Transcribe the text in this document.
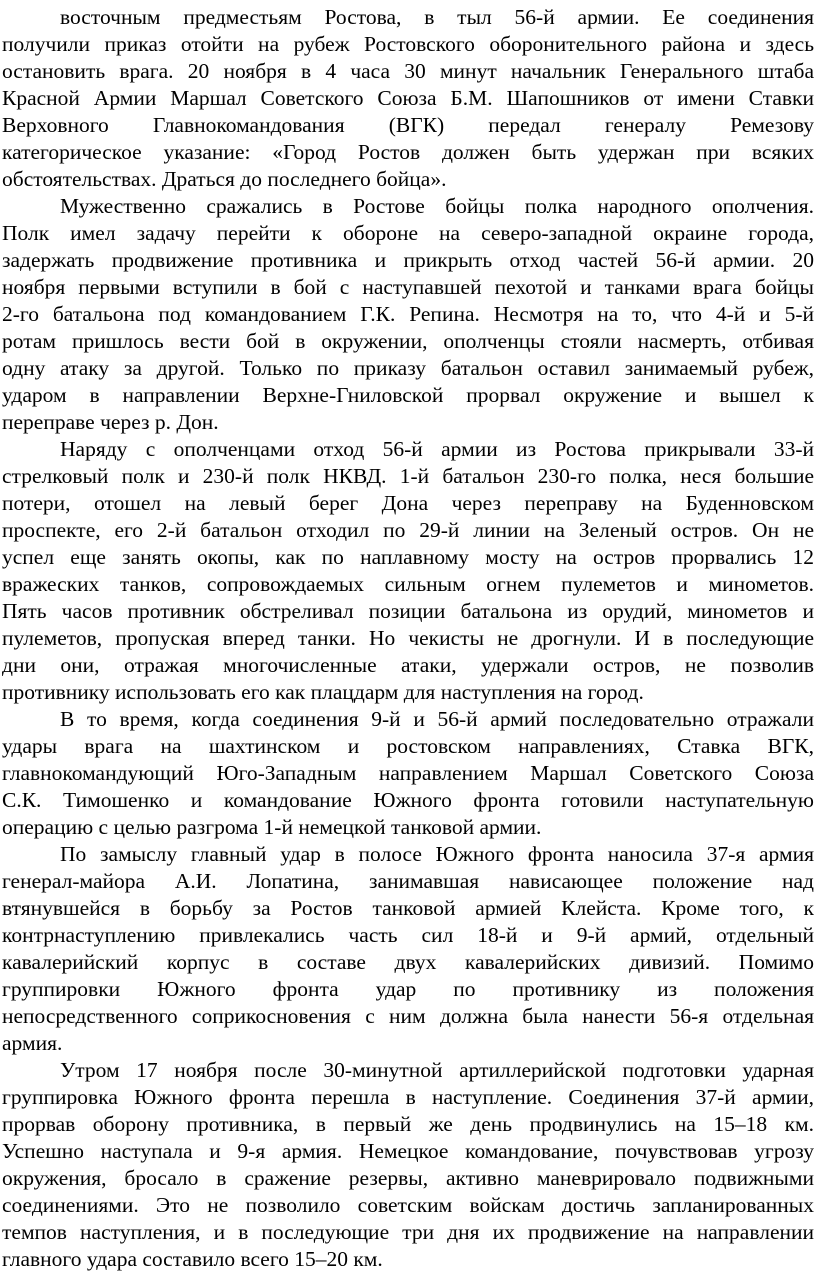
восточным предместьям Ростова, в тыл 56-й армии. Ее соединения
получили приказ отойти на рубеж Ростовского оборонительного района и здесь
остановить врага. 20 ноября в 4 часа 30 минут начальник Генерального штаба
Красной Армии Маршал Советского Союза Б.М. Шапошников от имени Ставки
Верховного Главнокомандования (ВГК) передал генералу Ремезову
категорическое указание: «Город Ростов должен быть удержан при всяких
обстоятельствах. Драться до последнего бойца».
Мужественно сражались в Ростове бойцы полка народного ополчения.
Полк имел задачу перейти к обороне на северо-западной окраине города,
задержать продвижение противника и прикрыть отход частей 56-й армии. 20
ноября первыми вступили в бой с наступавшей пехотой и танками врага бойцы
2-го батальона под командованием Г.К. Репина. Несмотря на то, что 4-й и 5-й
ротам пришлось вести бой в окружении, ополченцы стояли насмерть, отбивая
одну атаку за другой. Только по приказу батальон оставил занимаемый рубеж,
ударом в направлении Верхне-Гниловской прорвал окружение и вышел к
переправе через р. Дон.
Наряду с ополченцами отход 56-й армии из Ростова прикрывали 33-й
стрелковый полк и 230-й полк НКВД. 1-й батальон 230-го полка, неся большие
потери, отошел на левый берег Дона через переправу на Буденновском
проспекте, его 2-й батальон отходил по 29-й линии на Зеленый остров. Он не
успел еще занять окопы, как по наплавному мосту на остров прорвались 12
вражеских танков, сопровождаемых сильным огнем пулеметов и минометов.
Пять часов противник обстреливал позиции батальона из орудий, минометов и
пулеметов, пропуская вперед танки. Но чекисты не дрогнули. И в последующие
дни они, отражая многочисленные атаки, удержали остров, не позволив
противнику использовать его как плацдарм для наступления на город.
В то время, когда соединения 9-й и 56-й армий последовательно отражали
удары врага на шахтинском и ростовском направлениях, Ставка ВГК,
главнокомандующий Юго-Западным направлением Маршал Советского Союза
С.К. Тимошенко и командование Южного фронта готовили наступательную
операцию с целью разгрома 1-й немецкой танковой армии.
По замыслу главный удар в полосе Южного фронта наносила 37-я армия
генерал-майора А.И. Лопатина, занимавшая нависающее положение над
втянувшейся в борьбу за Ростов танковой армией Клейста. Кроме того, к
контрнаступлению привлекались часть сил 18-й и 9-й армий, отдельный
кавалерийский корпус в составе двух кавалерийских дивизий. Помимо
группировки Южного фронта удар по противнику из положения
непосредственного соприкосновения с ним должна была нанести 56-я отдельная
армия.
Утром 17 ноября после 30-минутной артиллерийской подготовки ударная
группировка Южного фронта перешла в наступление. Соединения 37-й армии,
прорвав оборону противника, в первый же день продвинулись на 15–18 км.
Успешно наступала и 9-я армия. Немецкое командование, почувствовав угрозу
окружения, бросало в сражение резервы, активно маневрировало подвижными
соединениями. Это не позволило советским войскам достичь запланированных
темпов наступления, и в последующие три дня их продвижение на направлении
главного удара составило всего 15–20 км.
